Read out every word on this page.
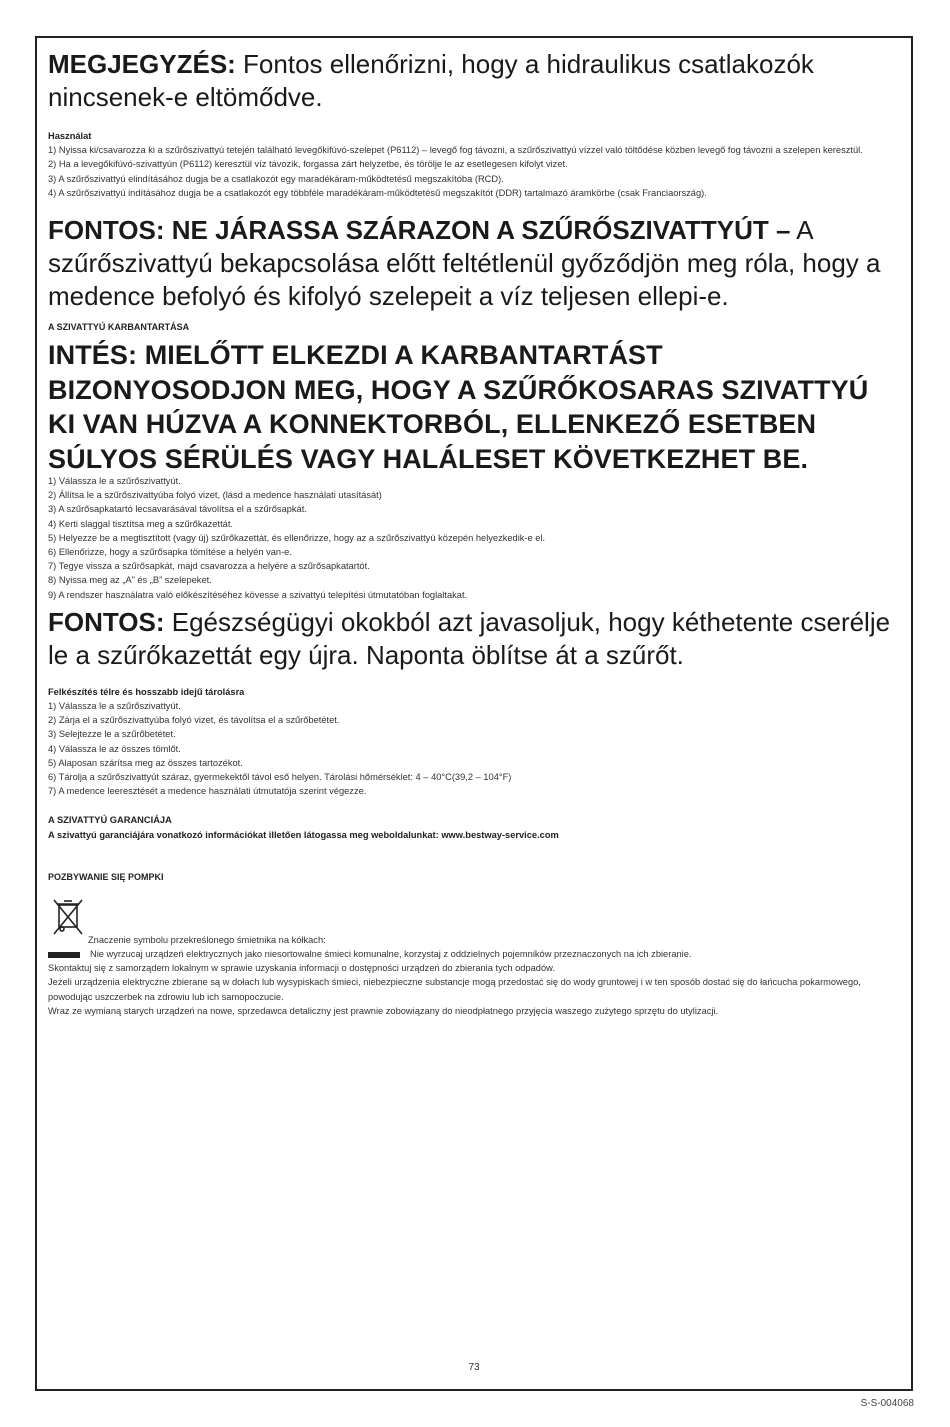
MEGJEGYZÉS: Fontos ellenőrizni, hogy a hidraulikus csatlakozók nincsenek-e eltömődve.

Használat

1) Nyissa ki/csavarozza ki a szűrőszivattyú tetején található levegőkifúvó-szelepet (P6112) – levegő fog távozni, a szűrőszivattyú vízzel való töltődése közben levegő fog távozni a szelepen keresztül.

2) Ha a levegőkifúvó-szivattyún (P6112) keresztül víz távozik, forgassa zárt helyzetbe, és törölje le az esetlegesen kifolyt vizet.

3) A szűrőszivattyú elindításához dugja be a csatlakozót egy maradékáram-működtetésű megszakítóba (RCD).

4) A szűrőszivattyú indításához dugja be a csatlakozót egy többféle maradékáram-működtetésű megszakítót (DDR) tartalmazó áramkörbe (csak Franciaország).

FONTOS: NE JÁRASSA SZÁRAZON A SZŰRŐSZIVATTYÚT – A szűrőszivattyú bekapcsolása előtt feltétlenül győződjön meg róla, hogy a medence befolyó és kifolyó szelepeit a víz teljesen ellepi-e.

A SZIVATTYÚ KARBANTARTÁSA

INTÉS: MIELŐTT ELKEZDI A KARBANTARTÁST BIZONYOSODJON MEG, HOGY A SZŰRŐKOSARAS SZIVATTYÚ KI VAN HÚZVA A KONNEKTORBÓL, ELLENKEZŐ ESETBEN SÚLYOS SÉRÜLÉS VAGY HALÁLESET KÖVETKEZHET BE.

1) Válassza le a szűrőszivattyút.

2) Állítsa le a szűrőszivattyúba folyó vizet, (lásd a medence használati utasítását)

3) A szűrősapkatartó lecsavarásával távolítsa el a szűrősapkát.

4) Kerti slaggal tisztítsa meg a szűrőkazettát.

5) Helyezze be a megtisztított (vagy új) szűrőkazettát, és ellenőrizze, hogy az a szűrőszivattyú közepén helyezkedik-e el.

6) Ellenőrizze, hogy a szűrősapka tömítése a helyén van-e.

7) Tegye vissza a szűrősapkát, majd csavarozza a helyére a szűrősapkatartót.

8) Nyissa meg az „A” és „B” szelepeket.

9) A rendszer használatra való előkészítéséhez kövesse a szivattyú telepítési útmutatóban foglaltakat.

FONTOS: Egészségügyi okokból azt javasoljuk, hogy kéthetente cserélje le a szűrőkazettát egy újra. Naponta öblítse át a szűrőt.

Felkészítés télre és hosszabb idejű tárolásra

1) Válassza le a szűrőszivattyút.

2) Zárja el a szűrőszivattyúba folyó vizet, és távolítsa el a szűrőbetétet.

3) Selejtezze le a szűrőbetétet.

4) Válassza le az összes tömlőt.

5) Alaposan szárítsa meg az összes tartozékot.

6) Tárolja a szűrőszivattyút száraz, gyermekektől távol eső helyen. Tárolási hőmérséklet: 4 – 40°C(39,2 – 104°F)

7) A medence leeresztését a medence használati útmutatója szerint végezze.

A SZIVATTYÚ GARANCIÁJA

A szivattyú garanciájára vonatkozó információkat illetően látogassa meg weboldalunkat: www.bestway-service.com

POZBYWANIE SIĘ POMPKI

Znaczenie symbolu przekreślonego śmietnika na kółkach:

Nie wyrzucaj urządzeń elektrycznych jako niesortowalne śmieci komunalne, korzystaj z oddzielnych pojemników przeznaczonych na ich zbieranie.

Skontaktuj się z samorządem lokalnym w sprawie uzyskania informacji o dostępności urządzeń do zbierania tych odpadów.

Jeżeli urządzenia elektryczne zbierane są w dołach lub wysypiskach śmieci, niebezpieczne substancje mogą przedostać się do wody gruntowej i w ten sposób dostać się do łańcucha pokarmowego, powodując uszczerbek na zdrowiu lub ich samopoczucie.

Wraz ze wymianą starych urządzeń na nowe, sprzedawca detaliczny jest prawnie zobowiązany do nieodpłatnego przyjęcia waszego zużytego sprzętu do utylizacji.

73
S-S-004068
